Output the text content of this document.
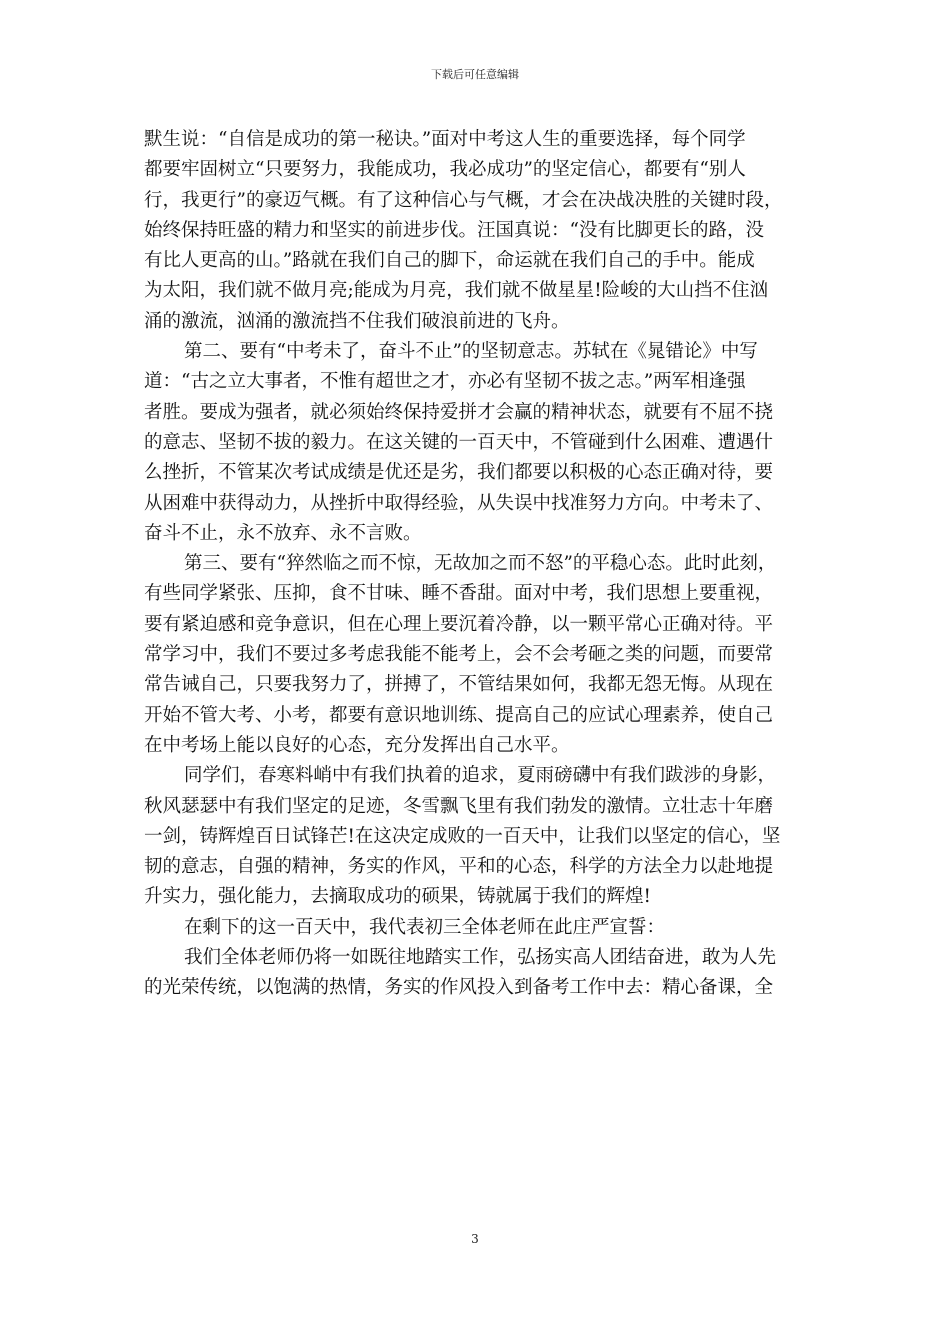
下载后可任意编辑
默生说：“自信是成功的第一秘诀。”面对中考这人生的重要选择，每个同学
都要牢固树立“只要努力，我能成功，我必成功”的坚定信心，都要有“别人
行，我更行”的豪迈气概。有了这种信心与气概，才会在决战决胜的关键时段，
始终保持旺盛的精力和坚实的前进步伐。汪国真说：“没有比脚更长的路，没
有比人更高的山。”路就在我们自己的脚下，命运就在我们自己的手中。能成
为太阳，我们就不做月亮;能成为月亮，我们就不做星星!险峻的大山挡不住汹
涌的激流，汹涌的激流挡不住我们破浪前进的飞舟。
第二、要有“中考未了，奋斗不止”的坚韧意志。苏轼在《晁错论》中写
道：“古之立大事者，不惟有超世之才，亦必有坚韧不拔之志。”两军相逢强
者胜。要成为强者，就必须始终保持爱拼才会赢的精神状态，就要有不屈不挠
的意志、坚韧不拔的毅力。在这关键的一百天中，不管碰到什么困难、遭遇什
么挫折，不管某次考试成绩是优还是劣，我们都要以积极的心态正确对待，要
从困难中获得动力，从挫折中取得经验，从失误中找准努力方向。中考未了、
奋斗不止，永不放弃、永不言败。
第三、要有“猝然临之而不惊，无故加之而不怒”的平稳心态。此时此刻，
有些同学紧张、压抑，食不甘味、睡不香甜。面对中考，我们思想上要重视，
要有紧迫感和竞争意识，但在心理上要沉着冷静，以一颗平常心正确对待。平
常学习中，我们不要过多考虑我能不能考上，会不会考砸之类的问题，而要常
常告诫自己，只要我努力了，拼搏了，不管结果如何，我都无怨无悔。从现在
开始不管大考、小考，都要有意识地训练、提高自己的应试心理素养，使自己
在中考场上能以良好的心态，充分发挥出自己水平。
同学们，春寒料峭中有我们执着的追求，夏雨磅礴中有我们跋涉的身影，
秋风瑟瑟中有我们坚定的足迹，冬雪飘飞里有我们勃发的激情。立壮志十年磨
一剑，铸辉煌百日试锋芒!在这决定成败的一百天中，让我们以坚定的信心，坚
韧的意志，自强的精神，务实的作风，平和的心态，科学的方法全力以赴地提
升实力，强化能力，去摘取成功的硕果，铸就属于我们的辉煌!
在剩下的这一百天中，我代表初三全体老师在此庄严宣誓：
我们全体老师仍将一如既往地踏实工作，弘扬实高人团结奋进，敢为人先
的光荣传统，以饱满的热情，务实的作风投入到备考工作中去：精心备课，全
3
